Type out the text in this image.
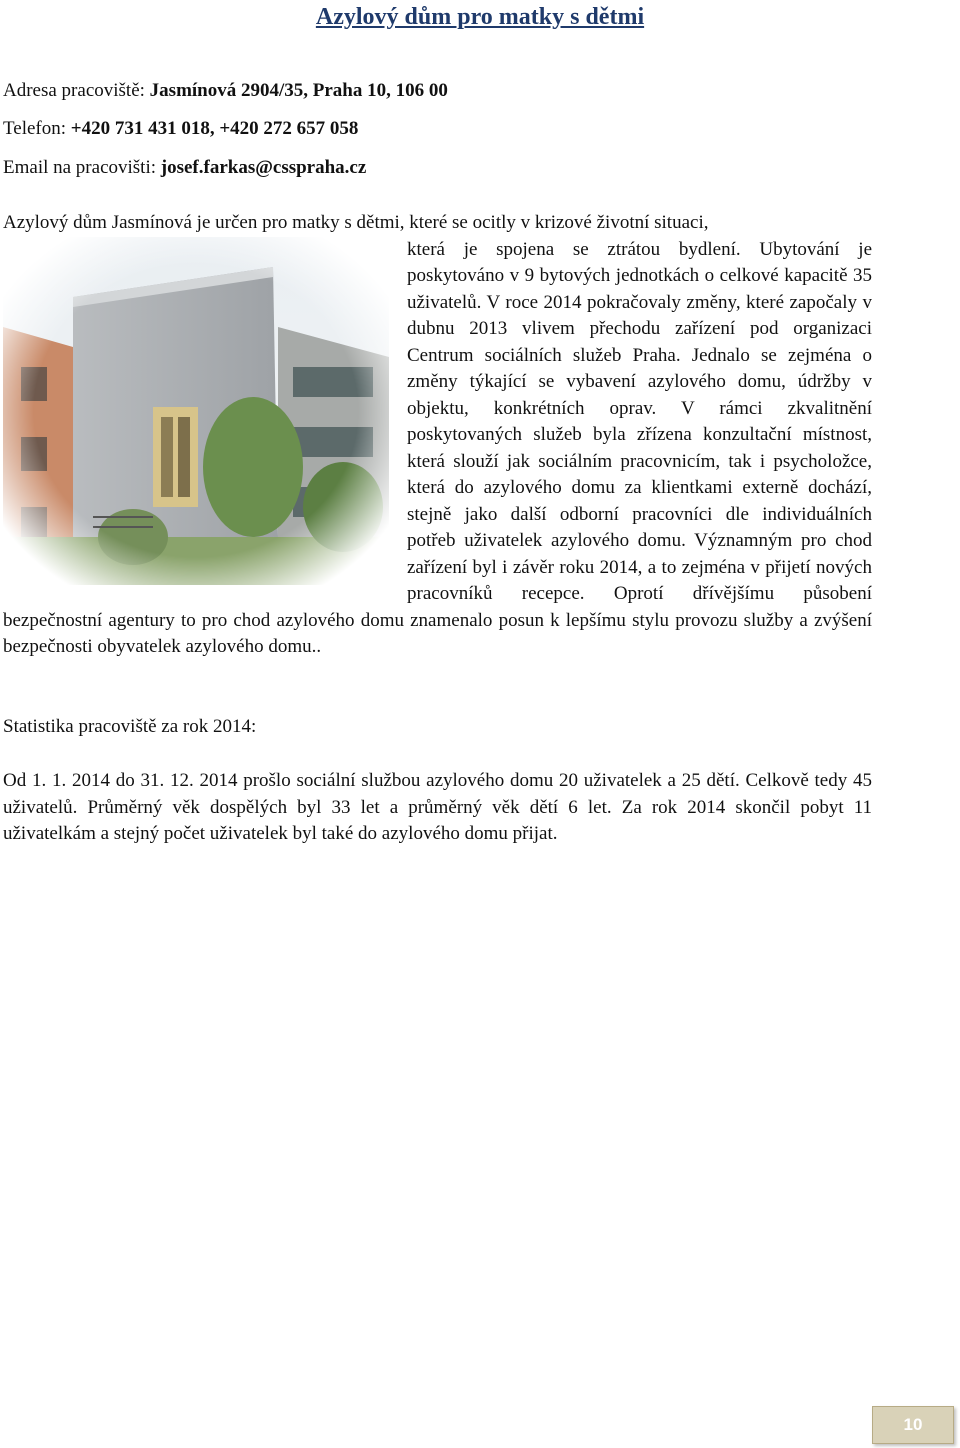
Azylový dům pro matky s dětmi
Adresa pracoviště: Jasmínová 2904/35, Praha 10, 106 00
Telefon: +420 731 431 018, +420 272 657 058
Email na pracovišti: josef.farkas@csspraha.cz
Azylový dům Jasmínová je určen pro matky s dětmi, které se ocitly v krizové životní situaci,
která je spojena se ztrátou bydlení. Ubytování je poskytováno v 9 bytových jednotkách o celkové kapacitě 35 uživatelů. V roce 2014 pokračovaly změny, které započaly v dubnu 2013 vlivem přechodu zařízení pod organizaci Centrum sociálních služeb Praha. Jednalo se zejména o změny týkající se vybavení azylového domu, údržby v objektu, konkrétních oprav. V rámci zkvalitnění poskytovaných služeb byla zřízena konzultační místnost, která slouží jak sociálním pracovnicím, tak i psycholožce, která do azylového domu za klientkami externě dochází, stejně jako další odborní pracovníci dle individuálních potřeb uživatelek azylového domu. Významným pro chod zařízení byl i závěr roku 2014, a to zejména v přijetí nových pracovníků recepce. Oprotí dřívějšímu působení bezpečnostní agentury to pro chod azylového domu znamenalo posun k lepšímu stylu provozu služby a zvýšení bezpečnosti obyvatelek azylového domu..
Statistika pracoviště za rok 2014:
Od 1. 1. 2014 do 31. 12. 2014 prošlo sociální službou azylového domu 20 uživatelek a 25 dětí. Celkově tedy 45 uživatelů. Průměrný věk dospělých byl 33 let a průměrný věk dětí 6 let. Za rok 2014 skončil pobyt 11 uživatelkám a stejný počet uživatelek byl také do azylového domu přijat.
10
